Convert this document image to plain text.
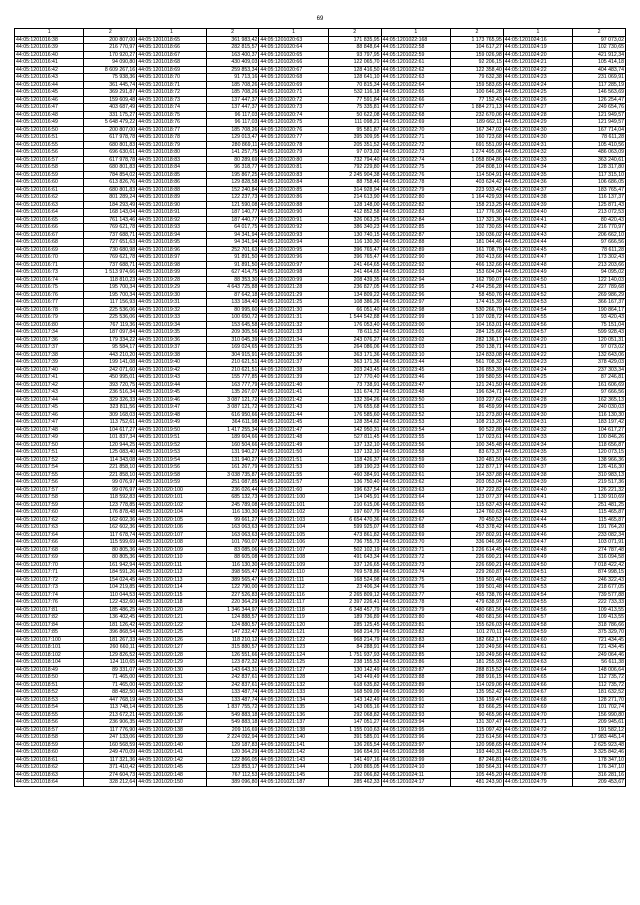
69
1	2	1	2	1	2	1	2	1	2
44:05:1201016:38	200 807,00	44:05:1201018:65	361 983,42	44:05:1201020:63	171 835,95	44:05:1201022:168	1 173 765,95	44:05:1201024:16	97 073,02
44:05:1201016:39	216 770,97	44:05:1201018:66	282 815,57	44:05:1201020:64	88 848,64	44:05:1201022:58	104 617,27	44:05:1201024:19	102 730,65
44:05:1201016:40	170 920,27	44:05:1201018:67	163 400,37	44:05:1201020:65	93 797,95	44:05:1201022:59	159 026,98	44:05:1201024:20	421 912,34
44:05:1201016:41	94 090,80	44:05:1201018:68	430 409,03	44:05:1201020:66	122 065,70	44:05:1201022:61	92 206,15	44:05:1201024:21	105 414,18
44:05:1201016:42	8 609 267,16	44:05:1201018:69	259 853,34	44:05:1201020:67	128 416,50	44:05:1201022:62	122 358,40	44:05:1201024:22	404 483,74
44:05:1201016:43	75 938,36	44:05:1201018:70	91 713,16	44:05:1201020:68	128 641,10	44:05:1201022:63	79 632,38	44:05:1201024:23	231 069,91
44:05:1201016:44	361 445,74	44:05:1201018:71	185 708,26	44:05:1201020:69	70 815,34	44:05:1201022:64	159 583,65	44:05:1201024:24	117 285,19
44:05:1201016:45	369 291,87	44:05:1201018:72	185 708,26	44:05:1201020:71	532 116,18	44:05:1201022:65	100 646,28	44:05:1201024:25	146 563,69
44:05:1201016:46	159 609,48	44:05:1201018:73	137 447,37	44:05:1201020:72	77 591,84	44:05:1201022:66	77 152,43	44:05:1201024:26	126 254,47
44:05:1201016:47	403 687,49	44:05:1201018:74	137 447,37	44:05:1201020:73	75 335,81	44:05:1201022:67	1 884 271,13	44:05:1201024:27	249 654,76
44:05:1201016:48	331 175,27	44:05:1201018:75	96 117,03	44:05:1201020:74	50 622,08	44:05:1201022:68	232 670,06	44:05:1201024:28	121 949,57
44:05:1201016:49	5 648 479,22	44:05:1201018:76	96 117,03	44:05:1201020:75	111 098,21	44:05:1201022:69	189 662,11	44:05:1201024:29	121 949,57
44:05:1201016:50	200 807,00	44:05:1201018:77	185 708,26	44:05:1201020:76	95 581,87	44:05:1201022:70	167 347,02	44:05:1201024:30	167 714,04
44:05:1201016:51	617 978,78	44:05:1201018:78	129 013,47	44:05:1201020:77	395 309,95	44:05:1201022:71	160 723,68	44:05:1201024:30	78 611,28
44:05:1201016:55	680 801,83	44:05:1201018:79	280 869,11	44:05:1201020:78	205 351,52	44:05:1201022:72	691 551,09	44:05:1201024:31	105 410,56
44:05:1201016:56	696 630,61	44:05:1201018:80	141 257,75	44:05:1201020:79	97 073,02	44:05:1201022:73	1 274 495,06	44:05:1201024:32	486 063,09
44:05:1201016:57	617 978,78	44:05:1201018:83	80 289,69	44:05:1201020:80	732 794,40	44:05:1201022:74	1 058 804,86	44:05:1201024:33	363 240,61
44:05:1201016:58	680 801,83	44:05:1201018:84	96 318,77	44:05:1201020:81	792 229,80	44:05:1201022:75	204 808,10	44:05:1201024:34	128 317,80
44:05:1201016:59	784 854,02	44:05:1201018:85	195 867,25	44:05:1201020:83	2 245 904,38	44:05:1201022:76	114 504,91	44:05:1201024:35	117 315,10
44:05:1201016:60	613 826,76	44:05:1201018:86	129 828,58	44:05:1201020:84	88 758,46	44:05:1201022:78	403 624,42	44:05:1201024:36	106 686,05
44:05:1201016:61	680 801,83	44:05:1201018:88	152 240,84	44:05:1201020:85	314 928,94	44:05:1201022:79	223 933,42	44:05:1201024:37	183 765,47
44:05:1201016:62	801 289,24	44:05:1201018:89	122 237,73	44:05:1201020:86	214 613,90	44:05:1201022:80	1 164 429,93	44:05:1201024:38	116 137,37
44:05:1201016:63	184 293,49	44:05:1201018:90	121 590,08	44:05:1201020:88	128 148,00	44:05:1201022:82	158 213,25	44:05:1201024:39	125 871,43
44:05:1201016:64	168 143,04	44:05:1201018:91	187 140,77	44:05:1201020:90	412 852,58	44:05:1201022:83	117 776,90	44:05:1201024:40	213 072,53
44:05:1201016:65	761 143,46	44:05:1201018:92	187 440,77	44:05:1201020:91	326 063,25	44:05:1201022:84	117 321,36	44:05:1201024:41	80 420,43
44:05:1201016:66	769 621,78	44:05:1201018:93	64 017,75	44:05:1201020:92	386 340,23	44:05:1201022:85	102 730,65	44:05:1201024:42	216 770,97
44:05:1201016:67	737 688,71	44:05:1201018:94	94 341,94	44:05:1201020:93	130 740,15	44:05:1201022:87	130 036,02	44:05:1201024:43	206 662,10
44:05:1201016:68	727 651,63	44:05:1201018:95	94 341,94	44:05:1201020:94	116 130,30	44:05:1201022:88	181 044,46	44:05:1201024:44	97 666,56
44:05:1201016:69	730 680,98	44:05:1201018:96	252 701,63	44:05:1201020:95	396 765,47	44:05:1201022:89	161 708,79	44:05:1201024:45	78 611,28
44:05:1201016:70	769 621,78	44:05:1201018:97	91 891,50	44:05:1201020:96	396 765,47	44:05:1201022:90	260 413,66	44:05:1201024:47	173 302,43
44:05:1201016:71	737 688,71	44:05:1201018:98	91 891,50	44:05:1201020:97	241 464,65	44:05:1201022:92	466 132,66	44:05:1201024:48	213 203,66
44:05:1201016:73	1 513 974,66	44:05:1201018:99	627 414,75	44:05:1201020:98	241 464,65	44:05:1201022:93	153 604,04	44:05:1201024:49	94 095,02
44:05:1201016:74	118 810,23	44:05:1201019:28	88 353,30	44:05:1201020:99	208 439,35	44:05:1201022:94	162 790,07	44:05:1201024:50	122 140,03
44:05:1201016:75	195 700,34	44:05:1201019:29	4 643 725,88	44:05:1201021:28	236 827,05	44:05:1201022:95	2 494 256,28	44:05:1201024:51	227 789,68
44:05:1201016:76	195 700,34	44:05:1201019:30	87 642,18	44:05:1201021:29	134 809,22	44:05:1201022:96	58 450,76	44:05:1201024:52	269 986,29
44:05:1201016:77	117 156,93	44:05:1201019:31	133 184,40	44:05:1201021:25	108 386,26	44:05:1201022:97	174 415,39	44:05:1201024:53	366 167,37
44:05:1201016:78	225 536,06	44:05:1201019:32	80 995,60	44:05:1201021:30	66 051,40	44:05:1201022:98	530 266,79	44:05:1201024:54	190 864,17
44:05:1201016:79	225 536,06	44:05:1201019:33	100 650,72	44:05:1201021:31	1 544 542,88	44:05:1201022:99	1 107 028,72	44:05:1201024:55	93 420,43
44:05:1201016:80	767 119,36	44:05:1201019:34	153 645,58	44:05:1201021:32	176 053,40	44:05:1201023:00	104 163,01	44:05:1201024:56	75 151,04
44:05:1201017:34	187 097,84	44:05:1201019:35	209 305,56	44:05:1201021:33	78 611,52	44:05:1201023:01	284 125,66	44:05:1201024:57	599 928,43
44:05:1201017:36	179 334,22	44:05:1201019:36	310 045,39	44:05:1201021:34	243 076,27	44:05:1201023:02	282 136,17	44:05:1201024:20	120 051,31
44:05:1201017:37	95 584,17	44:05:1201019:37	169 024,65	44:05:1201021:35	264 086,06	44:05:1201023:03	250 138,71	44:05:1201024:21	97 073,02
44:05:1201017:38	443 210,20	44:05:1201019:38	304 915,91	44:05:1201021:36	363 171,36	44:05:1201023:10	124 833,08	44:05:1201024:22	132 643,06
44:05:1201017:39	199 141,08	44:05:1201019:40	210 621,51	44:05:1201021:37	363 171,36	44:05:1201023:44	561 708,32	44:05:1201024:23	378 429,03
44:05:1201017:40	242 071,60	44:05:1201019:42	210 621,51	44:05:1201021:38	203 243,45	44:05:1201023:45	126 853,39	44:05:1201024:24	237 303,34
44:05:1201017:41	450 995,01	44:05:1201019:43	155 777,85	44:05:1201021:39	127 770,40	44:05:1201023:46	199 580,55	44:05:1201024:25	87 246,81
44:05:1201017:42	393 720,75	44:05:1201019:44	163 777,79	44:05:1201021:40	73 738,91	44:05:1201023:47	121 241,50	44:05:1201024:26	161 606,69
44:05:1201017:43	236 516,34	44:05:1201019:45	135 267,07	44:05:1201021:41	131 674,72	44:05:1201023:48	196 634,71	44:05:1201024:27	97 666,56
44:05:1201017:44	329 326,33	44:05:1201019:46	3 087 121,72	44:05:1201021:42	132 394,26	44:05:1201023:50	103 227,62	44:05:1201024:28	162 365,13
44:05:1201017:45	323 811,56	44:05:1201019:47	3 087 121,72	44:05:1201021:43	176 655,68	44:05:1201023:51	86 459,99	44:05:1201024:29	240 030,03
44:05:1201017:46	309 168,03	44:05:1201019:48	616 950,66	44:05:1201021:44	176 585,60	44:05:1201023:52	121 273,80	44:05:1201024:30	116 130,30
44:05:1201017:47	113 752,61	44:05:1201019:49	364 611,98	44:05:1201021:45	128 354,62	44:05:1201023:53	108 213,20	44:05:1201024:31	183 197,42
44:05:1201017:48	104 617,27	44:05:1201019:50	1 417 255,34	44:05:1201021:47	142 950,31	44:05:1201023:54	90 522,88	44:05:1201024:32	104 617,27
44:05:1201017:49	101 837,34	44:05:1201019:51	189 604,66	44:05:1201021:48	527 811,45	44:05:1201023:55	117 023,61	44:05:1201024:33	100 846,26
44:05:1201017:50	120 944,25	44:05:1201019:52	160 504,66	44:05:1201021:49	137 132,10	44:05:1201023:56	100 345,48	44:05:1201024:34	118 656,87
44:05:1201017:51	125 083,40	44:05:1201019:53	131 940,27	44:05:1201021:50	137 132,10	44:05:1201023:58	83 673,37	44:05:1201024:35	120 073,15
44:05:1201017:52	114 343,08	44:05:1201019:54	131 940,27	44:05:1201021:51	118 426,37	44:05:1201023:59	120 481,50	44:05:1201024:36	138 966,36
44:05:1201017:54	221 858,10	44:05:1201019:56	161 267,79	44:05:1201021:53	189 190,23	44:05:1201023:60	122 877,17	44:05:1201024:37	126 416,30
44:05:1201017:55	221 858,10	44:05:1201019:58	3 038 735,87	44:05:1201021:55	460 384,91	44:05:1201023:61	164 337,88	44:05:1201024:38	310 983,13
44:05:1201017:56	99 076,97	44:05:1201019:59	251 087,85	44:05:1201021:57	136 750,40	44:05:1201023:62	203 053,04	44:05:1201024:39	219 517,36
44:05:1201017:57	99 076,97	44:05:1201020:100	236 026,44	44:05:1201021:60	196 637,54	44:05:1201023:63	167 222,82	44:05:1201024:40	126 221,32
44:05:1201017:58	118 592,83	44:05:1201020:101	685 132,73	44:05:1201021:100	114 045,91	44:05:1201023:64	123 077,37	44:05:1201024:41	1 130 910,69
44:05:1201017:59	123 778,85	44:05:1201020:102	245 789,08	44:05:1201021:101	210 615,06	44:05:1201023:65	115 637,43	44:05:1201024:42	251 481,25
44:05:1201017:60	176 878,48	44:05:1201020:104	116 130,30	44:05:1201021:102	197 607,79	44:05:1201023:66	124 760,63	44:05:1201024:43	115 465,87
44:05:1201017:62	162 602,36	44:05:1201020:105	99 661,27	44:05:1201021:103	6 654 470,36	44:05:1201023:67	70 450,52	44:05:1201024:44	115 465,87
44:05:1201017:63	162 602,36	44:05:1201020:106	163 063,63	44:05:1201021:104	599 925,07	44:05:1201023:68	453 378,42	44:05:1201024:45	191 764,20
44:05:1201017:64	117 678,74	44:05:1201020:107	163 063,63	44:05:1201021:105	473 861,82	44:05:1201023:69	297 802,91	44:05:1201024:46	233 082,34
44:05:1201017:66	115 599,69	44:05:1201020:108	101 760,07	44:05:1201021:106	736 755,73	44:05:1201023:70	336 046,99	44:05:1201024:47	103 071,91
44:05:1201017:68	80 805,36	44:05:1201020:109	83 085,06	44:05:1201021:107	502 102,19	44:05:1201023:71	1 226 614,45	44:05:1201024:48	274 787,48
44:05:1201017:69	80 805,36	44:05:1201020:110	88 605,08	44:05:1201021:108	491 643,34	44:05:1201023:72	226 690,21	44:05:1201024:49	316 094,58
44:05:1201017:70	161 942,94	44:05:1201020:111	116 130,30	44:05:1201021:109	337 126,65	44:05:1201023:73	226 690,21	44:05:1201024:50	7 018 422,42
44:05:1201017:71	184 591,26	44:05:1201020:112	398 565,47	44:05:1201021:110	769 578,86	44:05:1201023:74	229 260,87	44:05:1201024:51	874 998,15
44:05:1201017:72	154 024,45	44:05:1201020:113	389 565,47	44:05:1201021:111	168 524,98	44:05:1201023:75	159 501,48	44:05:1201024:52	246 322,43
44:05:1201017:73	104 219,85	44:05:1201020:114	122 790,00	44:05:1201021:112	23 406,34	44:05:1201023:76	199 501,48	44:05:1201024:53	218 677,05
44:05:1201017:74	110 044,53	44:05:1201020:115	227 526,83	44:05:1201021:116	2 265 809,12	44:05:1201023:77	455 738,76	44:05:1201024:54	739 577,88
44:05:1201017:76	122 432,60	44:05:1201020:118	220 364,29	44:05:1201021:117	2 397 226,41	44:05:1201023:78	479 638,97	44:05:1201024:55	222 733,33
44:05:1201017:81	185 486,25	44:05:1201020:120	1 346 344,97	44:05:1201021:118	6 348 457,79	44:05:1201023:79	480 681,56	44:05:1201024:56	109 413,55
44:05:1201017:82	136 402,45	44:05:1201020:121	124 888,57	44:05:1201021:119	189 736,89	44:05:1201023:80	480 681,56	44:05:1201024:57	109 413,55
44:05:1201017:84	181 126,42	44:05:1201020:122	124 880,57	44:05:1201021:120	285 125,45	44:05:1201023:81	155 626,03	44:05:1201024:58	318 786,66
44:05:1201017:85	396 868,54	44:05:1201020:125	147 232,47	44:05:1201021:121	968 214,79	44:05:1201023:82	101 270,11	44:05:1201024:59	375 329,70
44:05:1201017:100	181 267,33	44:05:1201020:126	118 210,12	44:05:1201021:122	968 214,79	44:05:1201023:83	182 662,17	44:05:1201024:60	721 434,45
44:05:1201018:101	260 660,11	44:05:1201020:127	315 880,57	44:05:1201021:123	84 288,91	44:05:1201023:84	120 249,56	44:05:1201024:61	721 434,45
44:05:1201018:102	129 826,52	44:05:1201020:128	126 551,66	44:05:1201021:124	1 751 937,93	44:05:1201023:85	120 249,56	44:05:1201024:62	249 064,46
44:05:1201018:104	124 110,65	44:05:1201020:129	123 872,32	44:05:1201021:125	238 155,53	44:05:1201023:86	181 255,93	44:05:1201024:63	56 611,38
44:05:1201018:49	89 331,07	44:05:1201020:130	143 643,31	44:05:1201021:127	130 142,49	44:05:1201023:87	288 815,52	44:05:1201024:64	148 006,64
44:05:1201018:50	71 465,00	44:05:1201020:131	242 837,61	44:05:1201021:128	143 449,49	44:05:1201023:88	288 916,15	44:05:1201024:65	112 735,72
44:05:1201018:51	71 465,00	44:05:1201020:132	242 837,61	44:05:1201021:132	618 635,82	44:05:1201023:89	114 029,06	44:05:1201024:66	112 735,72
44:05:1201018:52	88 482,50	44:05:1201020:133	133 487,74	44:05:1201021:133	168 509,09	44:05:1201023:90	135 952,42	44:05:1201024:67	181 632,52
44:05:1201018:53	447 768,19	44:05:1201020:134	133 487,74	44:05:1201021:134	143 142,49	44:05:1201023:91	136 159,47	44:05:1201024:68	128 271,70
44:05:1201018:54	113 748,14	44:05:1201020:135	1 837 755,72	44:05:1201021:135	143 065,16	44:05:1201023:92	83 666,25	44:05:1201024:69	101 702,74
44:05:1201018:55	213 672,21	44:05:1201020:136	549 883,18	44:05:1201021:136	292 068,82	44:05:1201023:93	90 465,96	44:05:1201024:70	156 990,80
44:05:1201018:56	236 906,35	44:05:1201020:137	549 883,18	44:05:1201021:137	147 051,27	44:05:1201023:94	131 307,47	44:05:1201024:71	209 945,61
44:05:1201018:57	117 776,90	44:05:1201020:138	209 116,69	44:05:1201021:138	1 155 010,63	44:05:1201023:95	115 097,42	44:05:1201024:72	191 582,12
44:05:1201018:58	247 133,06	44:05:1201020:139	2 224 092,94	44:05:1201021:140	391 585,01	44:05:1201023:96	223 614,56	44:05:1201024:73	17 983 445,14
44:05:1201018:59	160 568,59	44:05:1201020:140	129 187,83	44:05:1201021:141	136 265,54	44:05:1201023:97	120 998,65	44:05:1201024:74	2 625 923,48
44:05:1201018:60	249 470,09	44:05:1201020:141	120 364,29	44:05:1201021:142	196 654,91	44:05:1201023:98	193 440,31	44:05:1201024:75	3 325 842,46
44:05:1201018:61	117 321,36	44:05:1201020:142	122 866,05	44:05:1201021:143	141 497,16	44:05:1201023:99	87 246,81	44:05:1201024:76	178 347,10
44:05:1201018:62	371 410,42	44:05:1201020:145	123 853,17	44:05:1201021:144	1 200 865,05	44:05:1201024:10	180 564,31	44:05:1201024:77	176 347,10
44:05:1201018:63	274 604,73	44:05:1201020:148	767 112,53	44:05:1201021:145	292 066,82	44:05:1201024:11	105 445,20	44:05:1201024:78	316 281,16
44:05:1201018:64	328 212,64	44:05:1201020:150	389 096,80	44:05:1201021:187	285 462,33	44:05:1201024:17	481 243,90	44:05:1201024:79	209 453,67
